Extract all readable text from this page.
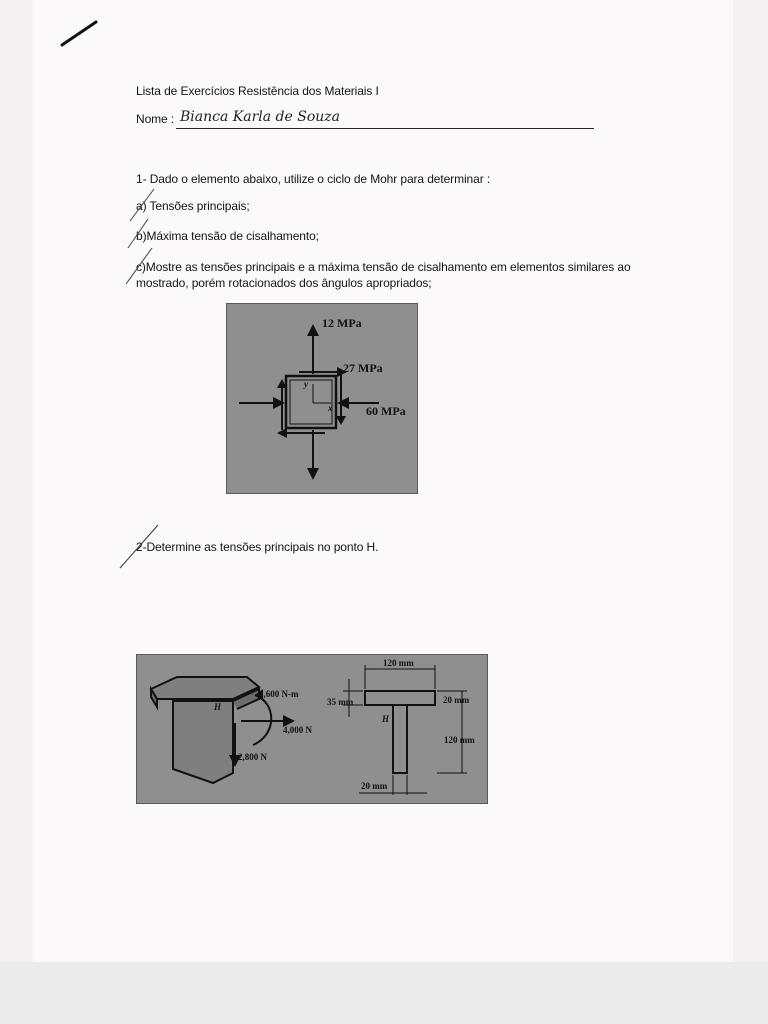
Lista de Exercícios Resistência dos Materiais I
Nome : Bianca Karla de Souza
1- Dado o elemento abaixo, utilize o ciclo de Mohr para determinar :
a) Tensões principais;
b)Máxima tensão de cisalhamento;
c)Mostre as tensões principais e a máxima tensão de cisalhamento em elementos similares ao
mostrado, porém rotacionados dos ângulos apropriados;
12 MPa
27 MPa
60 MPa
y
x
2-Determine as tensões principais no ponto H.
1,600 N-m
4,000 N
2,800 N
H
H
120 mm
35 mm	20 mm
120 mm
20 mm
